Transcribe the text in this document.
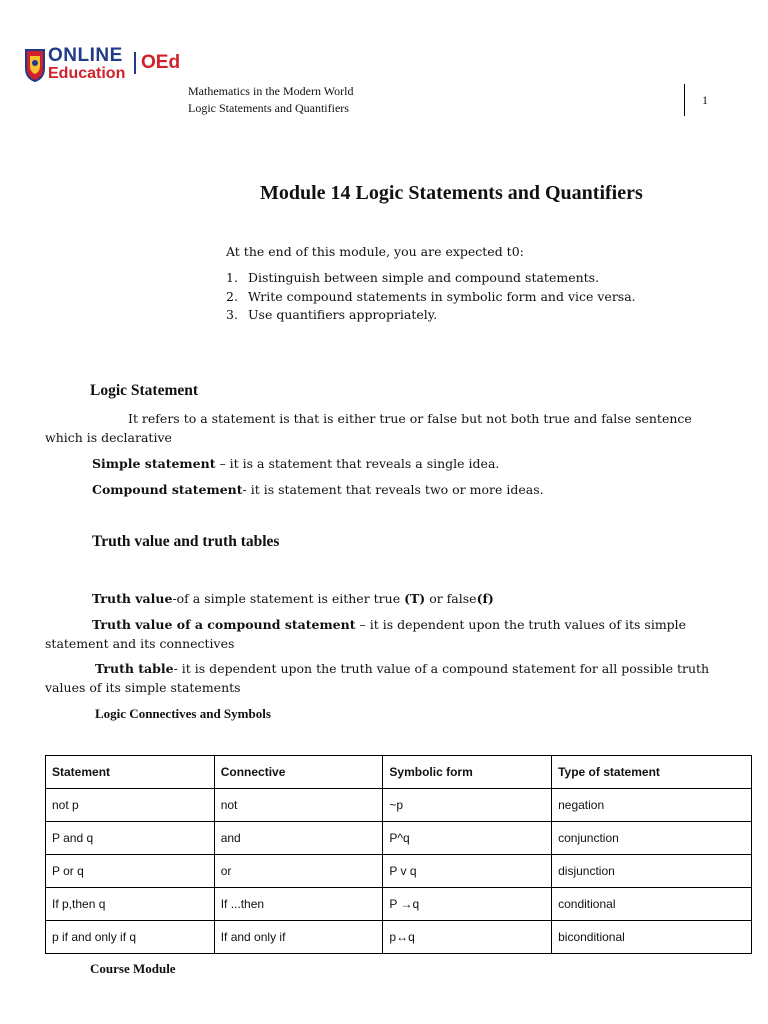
ONLINE
Education
OEd
Mathematics in the Modern World
Logic Statements and Quantifiers
1
Module 14 Logic Statements and Quantifiers
At the end of this module, you are expected t0:
1. Distinguish between simple and compound statements.
2. Write compound statements in symbolic form and vice versa.
3. Use quantifiers appropriately.
Logic Statement
It refers to a statement is that is either true or false but not both true and false sentence
which is declarative
Simple statement – it is a statement that reveals a single idea.
Compound statement- it is statement that reveals two or more ideas.
Truth value and truth tables
Truth value-of a simple statement is either true (T) or false(f)
Truth value of a compound statement – it is dependent upon the truth values of its simple
statement and its connectives
Truth table- it is dependent upon the truth value of a compound statement for all possible truth
values of its simple statements
Logic Connectives and Symbols
Statement	Connective	Symbolic form	Type of statement
not p	not	~p	negation
P and q	and	P^q	conjunction
P or q	or	P v q	disjunction
If p,then q	If ...then	P →q	conditional
p if and only if q	If and only if	p↔q	biconditional
Course Module
